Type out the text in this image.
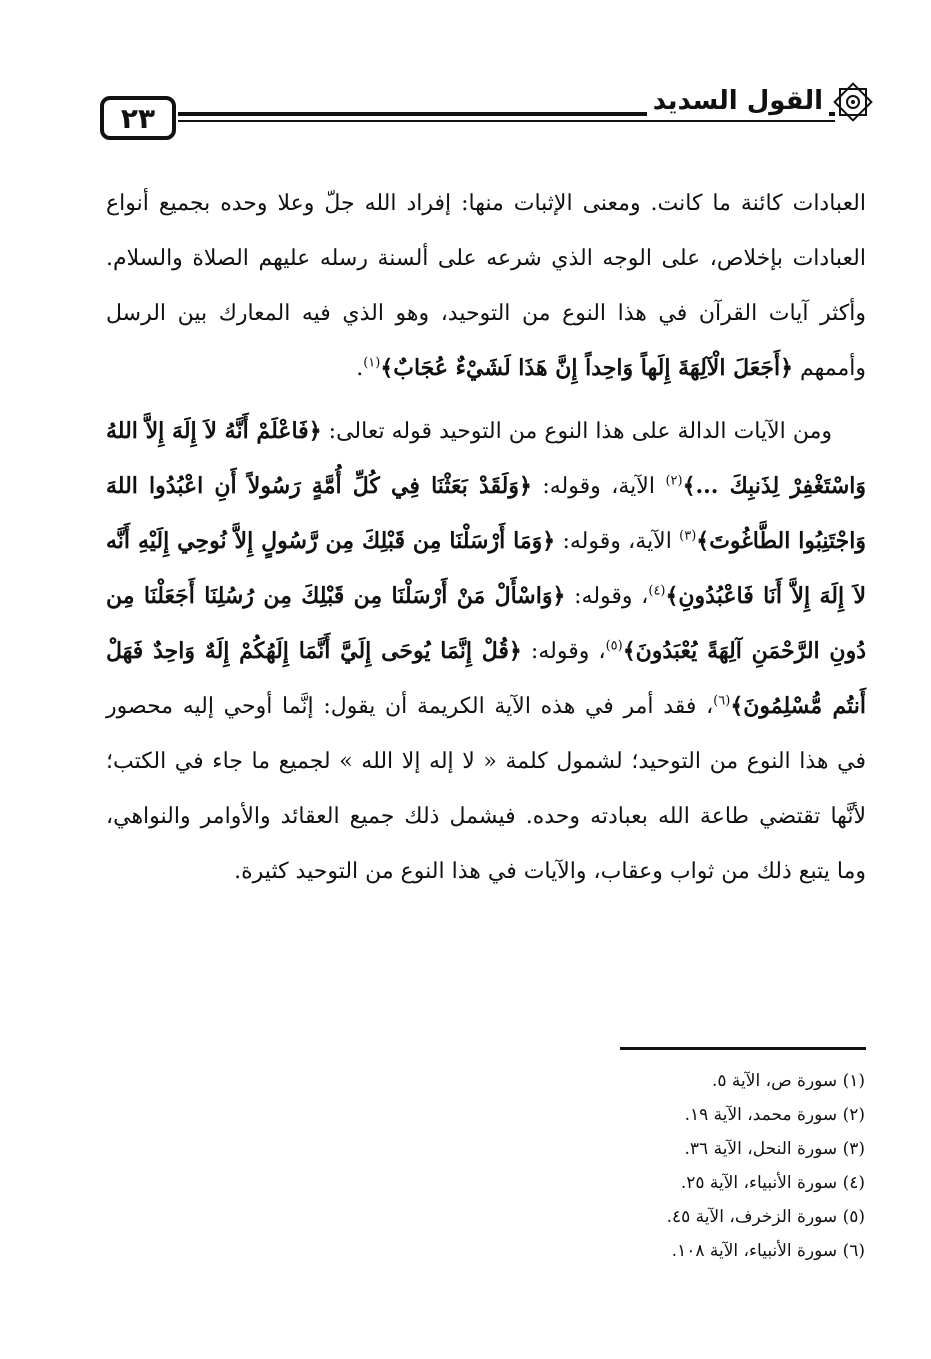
٢٣
القول السديد

العبادات كائنة ما كانت. ومعنى الإثبات منها: إفراد الله جلّ وعلا وحده بجميع أنواع العبادات بإخلاص، على الوجه الذي شرعه على ألسنة رسله عليهم الصلاة والسلام. وأكثر آيات القرآن في هذا النوع من التوحيد، وهو الذي فيه المعارك بين الرسل وأممهم ﴿أَجَعَلَ الْآلِهَةَ إِلَهاً وَاحِداً إِنَّ هَذَا لَشَيْءٌ عُجَابٌ﴾$^{(١)}$.

ومن الآيات الدالة على هذا النوع من التوحيد قوله تعالى: ﴿فَاعْلَمْ أَنَّهُ لاَ إِلَهَ إِلاَّ اللهُ وَاسْتَغْفِرْ لِذَنبِكَ ...﴾$^{(٢)}$ الآية، وقوله: ﴿وَلَقَدْ بَعَثْنَا فِي كُلِّ أُمَّةٍ رَسُولاً أَنِ اعْبُدُوا اللهَ وَاجْتَنِبُوا الطَّاغُوتَ﴾$^{(٣)}$ الآية، وقوله: ﴿وَمَا أَرْسَلْنَا مِن قَبْلِكَ مِن رَّسُولٍ إِلاَّ نُوحِي إِلَيْهِ أَنَّه لاَ إِلَهَ إِلاَّ أَنَا فَاعْبُدُونِ﴾$^{(٤)}$، وقوله: ﴿وَاسْأَلْ مَنْ أَرْسَلْنَا مِن قَبْلِكَ مِن رُسُلِنَا أَجَعَلْنَا مِن دُونِ الرَّحْمَنِ آلِهَةً يُعْبَدُونَ﴾$^{(٥)}$، وقوله: ﴿قُلْ إِنَّمَا يُوحَى إِلَيَّ أَنَّمَا إِلَهُكُمْ إِلَهٌ وَاحِدٌ فَهَلْ أَنتُم مُّسْلِمُونَ﴾$^{(٦)}$، فقد أمر في هذه الآية الكريمة أن يقول: إنَّما أوحي إليه محصور في هذا النوع من التوحيد؛ لشمول كلمة « لا إله إلا الله » لجميع ما جاء في الكتب؛ لأنَّها تقتضي طاعة الله بعبادته وحده. فيشمل ذلك جميع العقائد والأوامر والنواهي، وما يتبع ذلك من ثواب وعقاب، والآيات في هذا النوع من التوحيد كثيرة.

(١) سورة ص، الآية ٥.
(٢) سورة محمد، الآية ١٩.
(٣) سورة النحل، الآية ٣٦.
(٤) سورة الأنبياء، الآية ٢٥.
(٥) سورة الزخرف، الآية ٤٥.
(٦) سورة الأنبياء، الآية ١٠٨.
